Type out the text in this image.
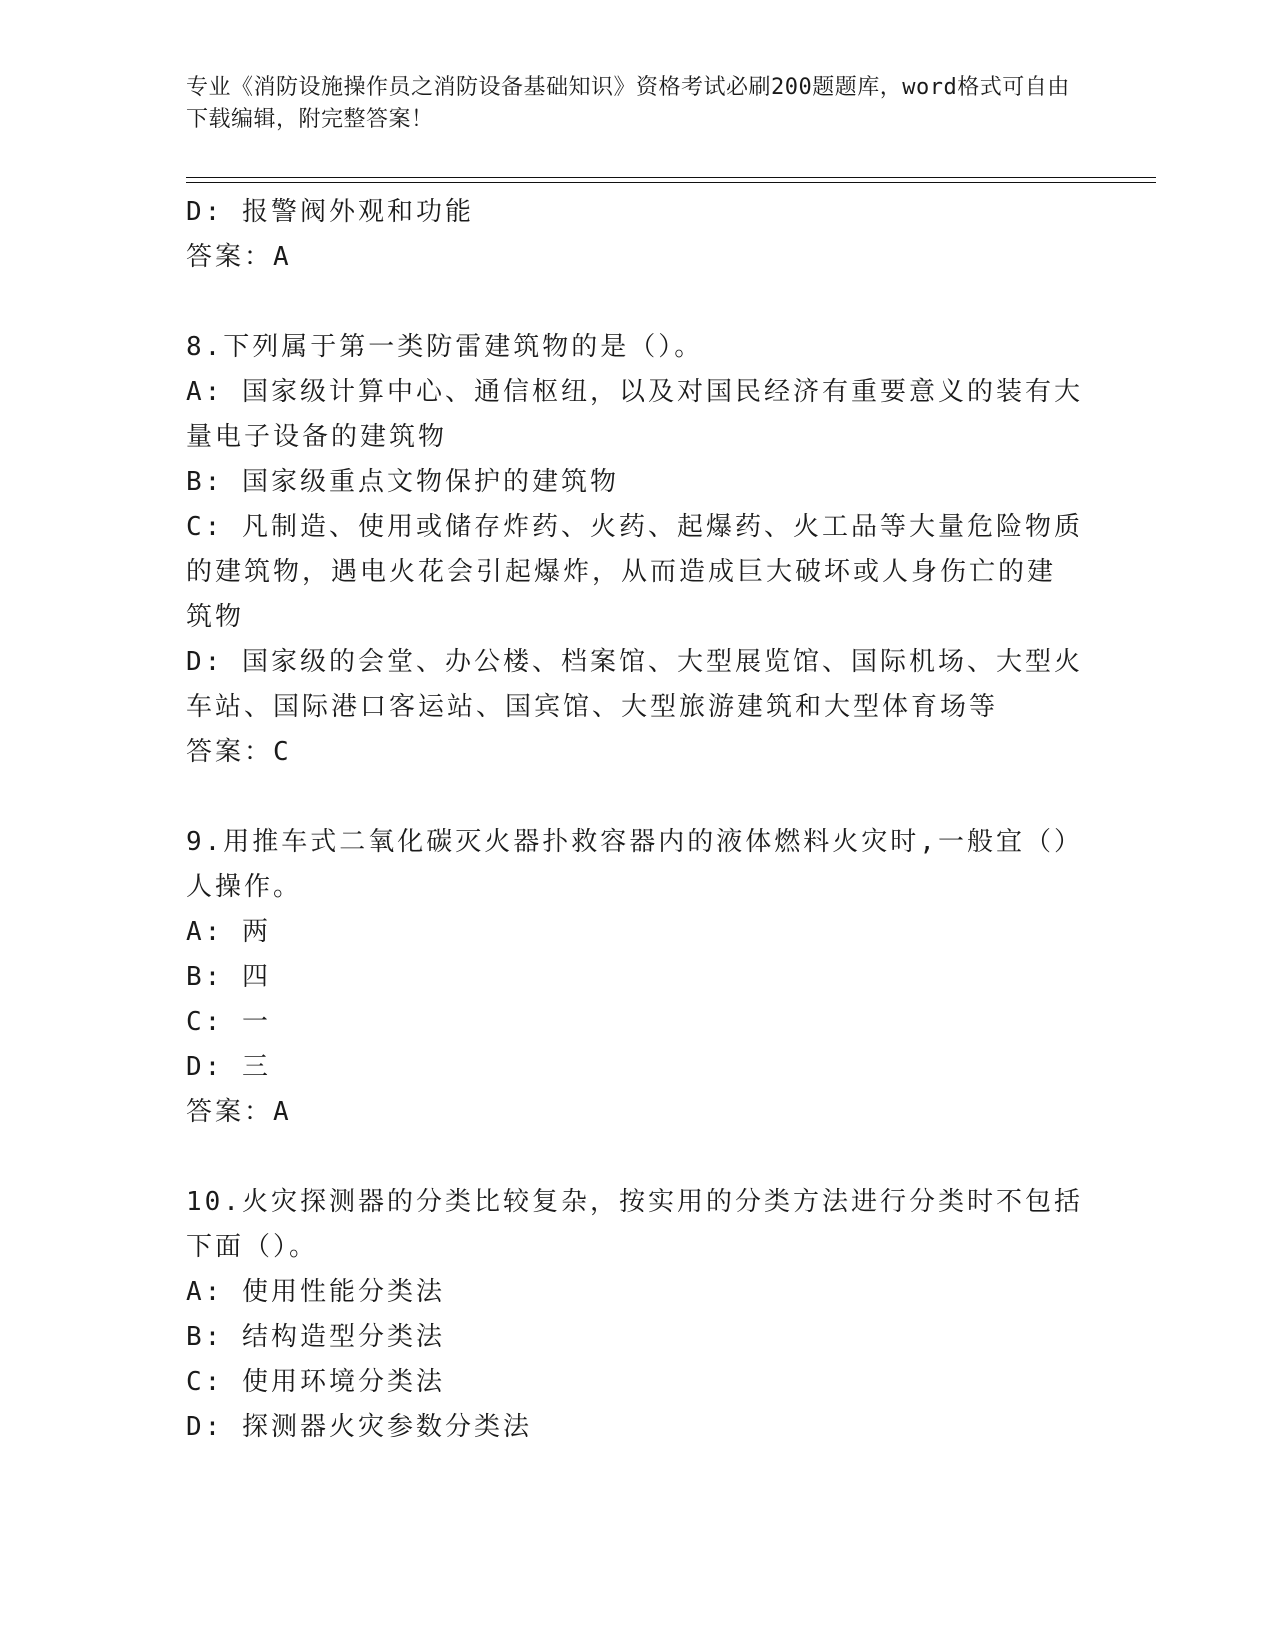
专业《消防设施操作员之消防设备基础知识》资格考试必刷200题题库，word格式可自由下载编辑，附完整答案！
D: 报警阀外观和功能
答案：A
8.下列属于第一类防雷建筑物的是（）。
A: 国家级计算中心、通信枢纽，以及对国民经济有重要意义的装有大
量电子设备的建筑物
B: 国家级重点文物保护的建筑物
C: 凡制造、使用或储存炸药、火药、起爆药、火工品等大量危险物质
的建筑物，遇电火花会引起爆炸，从而造成巨大破坏或人身伤亡的建
筑物
D: 国家级的会堂、办公楼、档案馆、大型展览馆、国际机场、大型火
车站、国际港口客运站、国宾馆、大型旅游建筑和大型体育场等
答案：C
9.用推车式二氧化碳灭火器扑救容器内的液体燃料火灾时,一般宜（）
人操作。
A: 两
B: 四
C: 一
D: 三
答案：A
10.火灾探测器的分类比较复杂，按实用的分类方法进行分类时不包括
下面（）。
A: 使用性能分类法
B: 结构造型分类法
C: 使用环境分类法
D: 探测器火灾参数分类法
